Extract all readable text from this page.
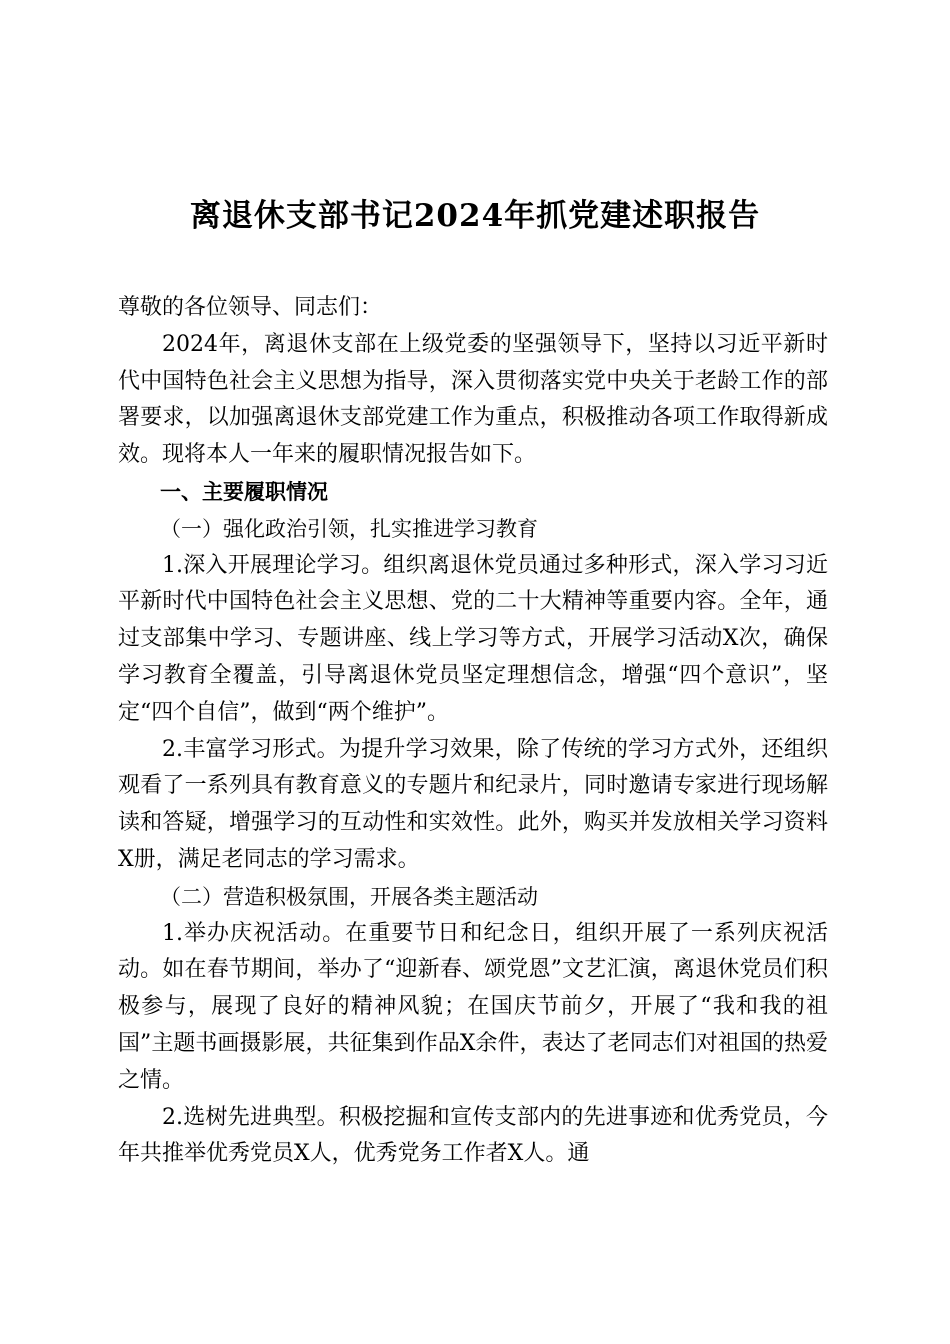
离退休支部书记2024年抓党建述职报告

尊敬的各位领导、同志们：

2024年，离退休支部在上级党委的坚强领导下，坚持以习近平新时代中国特色社会主义思想为指导，深入贯彻落实党中央关于老龄工作的部署要求，以加强离退休支部党建工作为重点，积极推动各项工作取得新成效。现将本人一年来的履职情况报告如下。

一、主要履职情况

（一）强化政治引领，扎实推进学习教育

1.深入开展理论学习。组织离退休党员通过多种形式，深入学习习近平新时代中国特色社会主义思想、党的二十大精神等重要内容。全年，通过支部集中学习、专题讲座、线上学习等方式，开展学习活动X次，确保学习教育全覆盖，引导离退休党员坚定理想信念，增强“四个意识”，坚定“四个自信”，做到“两个维护”。

2.丰富学习形式。为提升学习效果，除了传统的学习方式外，还组织观看了一系列具有教育意义的专题片和纪录片，同时邀请专家进行现场解读和答疑，增强学习的互动性和实效性。此外，购买并发放相关学习资料X册，满足老同志的学习需求。

（二）营造积极氛围，开展各类主题活动

1.举办庆祝活动。在重要节日和纪念日，组织开展了一系列庆祝活动。如在春节期间，举办了“迎新春、颂党恩”文艺汇演，离退休党员们积极参与，展现了良好的精神风貌；在国庆节前夕，开展了“我和我的祖国”主题书画摄影展，共征集到作品X余件，表达了老同志们对祖国的热爱之情。

2.选树先进典型。积极挖掘和宣传支部内的先进事迹和优秀党员，今年共推举优秀党员X人，优秀党务工作者X人。通
